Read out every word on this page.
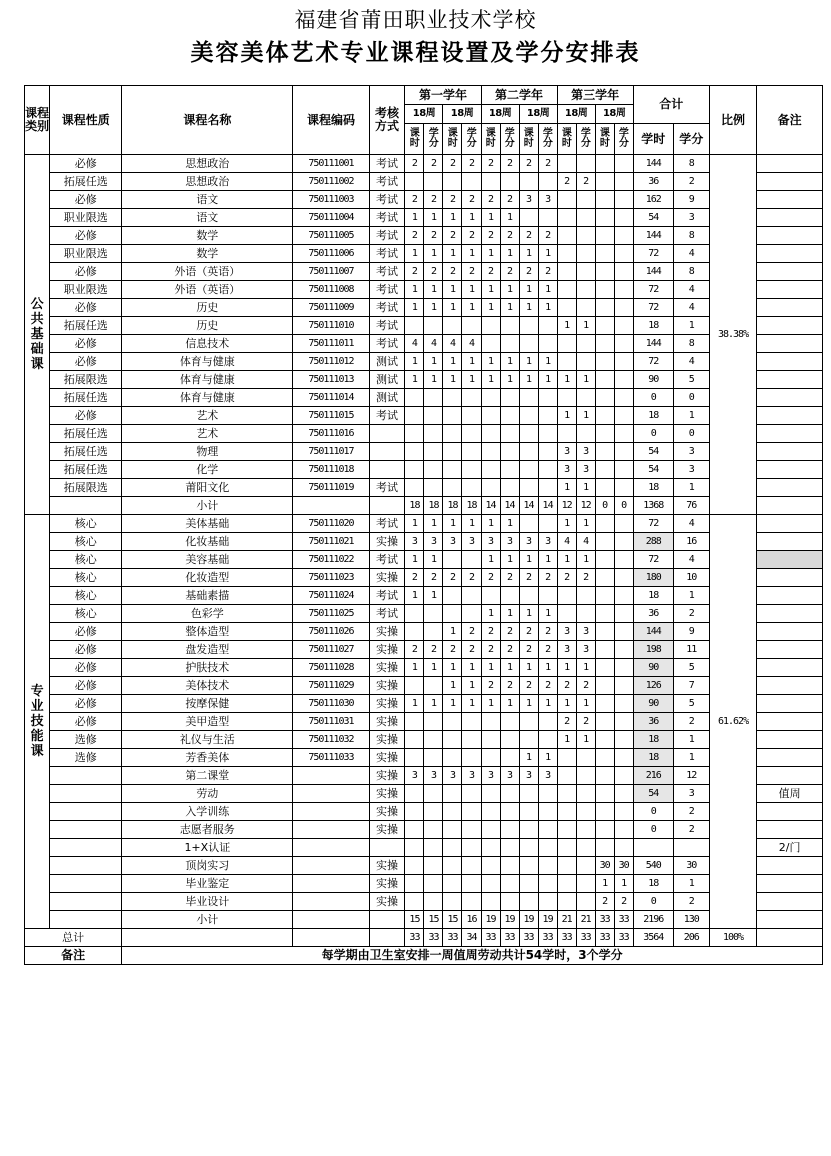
福建省莆田职业技术学校
美容美体艺术专业课程设置及学分安排表
课程类别	课程性质	课程名称	课程编码	考核方式	第一学年				第二学年				第三学年				合计		比例	备注
					18周		18周		18周		18周		18周		18周					
					课时	学分	课时	学分	课时	学分	课时	学分	课时	学分	课时	学分	学时	学分		
公共基础课	必修	思想政治	750111001	考试	2	2	2	2	2	2	2	2					144	8	38.38%	
	拓展任选	思想政治	750111002	考试									2	2			36	2		
	必修	语文	750111003	考试	2	2	2	2	2	2	3	3					162	9		
	职业限选	语文	750111004	考试	1	1	1	1	1	1							54	3		
	必修	数学	750111005	考试	2	2	2	2	2	2	2	2					144	8		
	职业限选	数学	750111006	考试	1	1	1	1	1	1	1	1					72	4		
	必修	外语（英语）	750111007	考试	2	2	2	2	2	2	2	2					144	8		
	职业限选	外语（英语）	750111008	考试	1	1	1	1	1	1	1	1					72	4		
	必修	历史	750111009	考试	1	1	1	1	1	1	1	1					72	4		
	拓展任选	历史	750111010	考试									1	1			18	1		
	必修	信息技术	750111011	考试	4	4	4	4									144	8		
	必修	体育与健康	750111012	测试	1	1	1	1	1	1	1	1					72	4		
	拓展限选	体育与健康	750111013	测试	1	1	1	1	1	1	1	1	1	1			90	5		
	拓展任选	体育与健康	750111014	测试													0	0		
	必修	艺术	750111015	考试									1	1			18	1		
	拓展任选	艺术	750111016														0	0		
	拓展任选	物理	750111017										3	3			54	3		
	拓展任选	化学	750111018										3	3			54	3		
	拓展限选	莆阳文化	750111019	考试									1	1			18	1		
		小计			18	18	18	18	14	14	14	14	12	12	0	0	1368	76		
专业技能课	核心	美体基础	750111020	考试	1	1	1	1	1	1			1	1			72	4	61.62%	
	核心	化妆基础	750111021	实操	3	3	3	3	3	3	3	3	4	4			288	16		
	核心	美容基础	750111022	考试	1	1			1	1	1	1	1	1			72	4		
	核心	化妆造型	750111023	实操	2	2	2	2	2	2	2	2	2	2			180	10		
	核心	基础素描	750111024	考试	1	1											18	1		
	核心	色彩学	750111025	考试					1	1	1	1					36	2		
	必修	整体造型	750111026	实操			1	2	2	2	2	2	3	3			144	9		
	必修	盘发造型	750111027	实操	2	2	2	2	2	2	2	2	3	3			198	11		
	必修	护肤技术	750111028	实操	1	1	1	1	1	1	1	1	1	1			90	5		
	必修	美体技术	750111029	实操			1	1	2	2	2	2	2	2			126	7		
	必修	按摩保健	750111030	实操	1	1	1	1	1	1	1	1	1	1			90	5		
	必修	美甲造型	750111031	实操									2	2			36	2		
	选修	礼仪与生活	750111032	实操									1	1			18	1		
	选修	芳香美体	750111033	实操							1	1					18	1		
		第二课堂		实操	3	3	3	3	3	3	3	3					216	12		
		劳动		实操													54	3		值周
		入学训练		实操													0	2		
		志愿者服务		实操													0	2		
		1+X认证																		2/门
		顶岗实习		实操											30	30	540	30		
		毕业鉴定		实操											1	1	18	1		
		毕业设计		实操											2	2	0	2		
		小计			15	15	15	16	19	19	19	19	21	21	33	33	2196	130		
总计					33	33	33	34	33	33	33	33	33	33	33	33	3564	206	100%	
备注		每学期由卫生室安排一周值周劳动共计54学时，3个学分																		
